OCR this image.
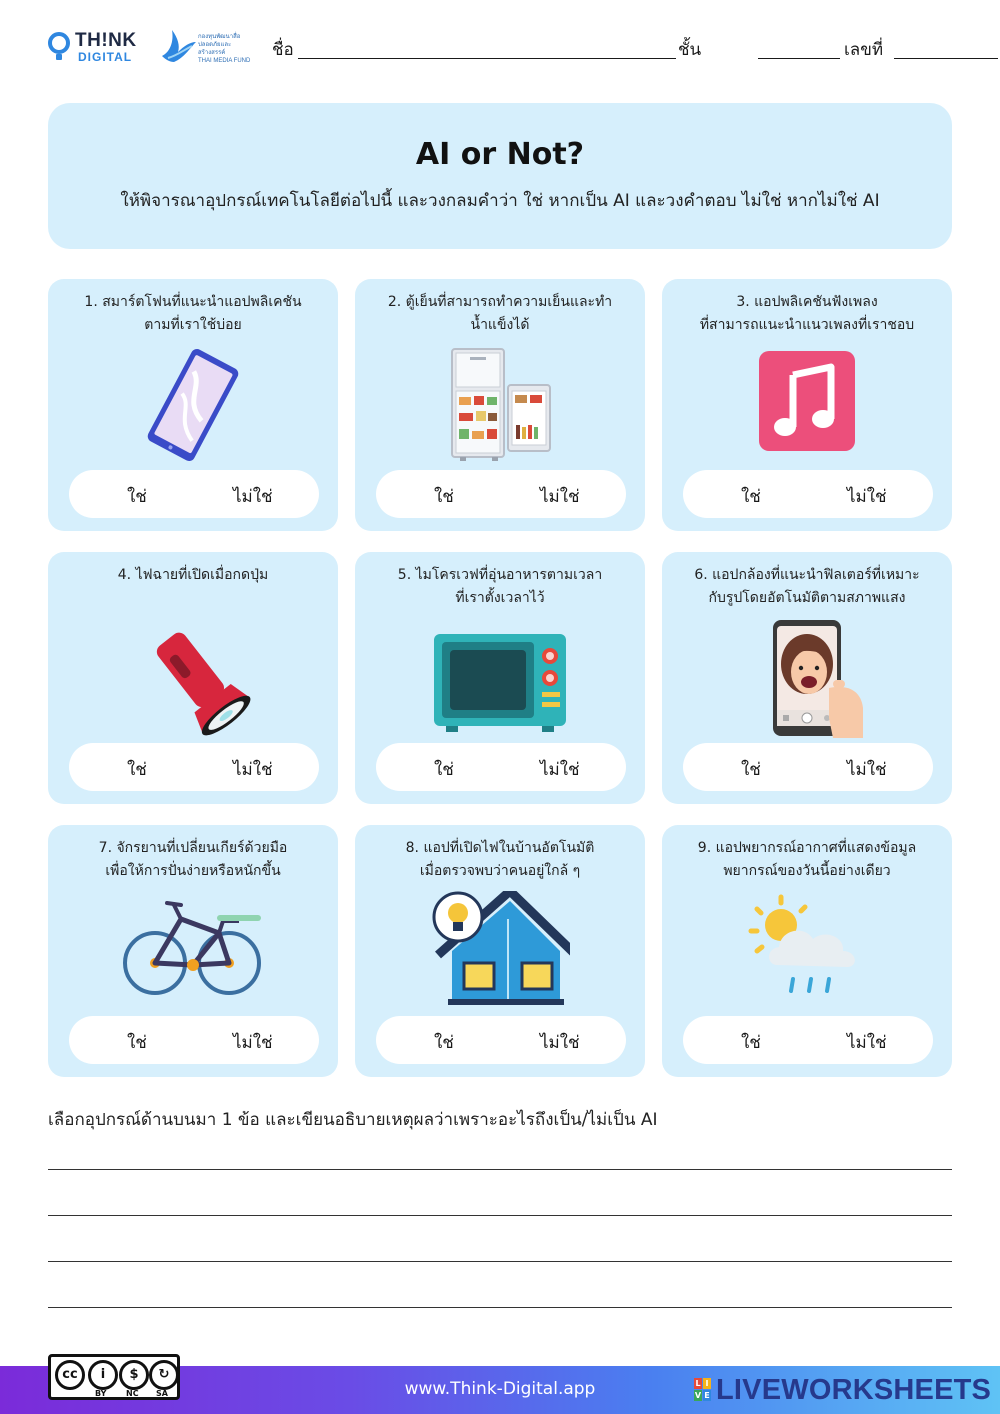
TH!NK
DIGITAL
กองทุนพัฒนาสื่อ
ปลอดภัยและสร้างสรรค์
THAI MEDIA FUND
ชื่อ	ชั้น	เลขที่
AI or Not?
ให้พิจารณาอุปกรณ์เทคโนโลยีต่อไปนี้ และวงกลมคำว่า ใช่ หากเป็น AI และวงคำตอบ ไม่ใช่ หากไม่ใช่ AI
1. สมาร์ตโฟนที่แนะนำแอปพลิเคชัน
ตามที่เราใช้บ่อย
ใช่	ไม่ใช่
2. ตู้เย็นที่สามารถทำความเย็นและทำ
น้ำแข็งได้
ใช่	ไม่ใช่
3. แอปพลิเคชันฟังเพลง
ที่สามารถแนะนำแนวเพลงที่เราชอบ
ใช่	ไม่ใช่
4. ไฟฉายที่เปิดเมื่อกดปุ่ม
ใช่	ไม่ใช่
5. ไมโครเวฟที่อุ่นอาหารตามเวลา
ที่เราตั้งเวลาไว้
ใช่	ไม่ใช่
6. แอปกล้องที่แนะนำฟิลเตอร์ที่เหมาะ
กับรูปโดยอัตโนมัติตามสภาพแสง
ใช่	ไม่ใช่
7. จักรยานที่เปลี่ยนเกียร์ด้วยมือ
เพื่อให้การปั่นง่ายหรือหนักขึ้น
ใช่	ไม่ใช่
8. แอปที่เปิดไฟในบ้านอัตโนมัติ
เมื่อตรวจพบว่าคนอยู่ใกล้ ๆ
ใช่	ไม่ใช่
9. แอปพยากรณ์อากาศที่แสดงข้อมูล
พยากรณ์ของวันนี้อย่างเดียว
ใช่	ไม่ใช่
เลือกอุปกรณ์ด้านบนมา 1 ข้อ และเขียนอธิบายเหตุผลว่าเพราะอะไรถึงเป็น/ไม่เป็น AI
cc	i	$	↻
BY NC SA	www.Think-Digital.app	L I
V E LIVEWORKSHEETS
